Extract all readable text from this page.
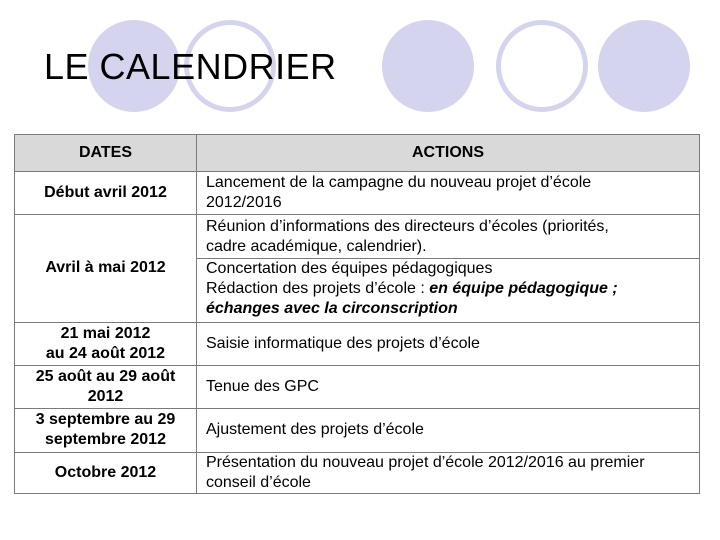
LE CALENDRIER
DATES	ACTIONS
Début avril 2012
Lancement de la campagne du nouveau projet d’école
2012/2016
Avril à mai 2012
Réunion d’informations des directeurs d’écoles (priorités,
cadre académique, calendrier).
Concertation des équipes pédagogiques
Rédaction des projets d’école : en équipe pédagogique ;
échanges avec la circonscription
21 mai 2012
au 24 août 2012
Saisie informatique des projets d’école
25 août au 29 août
2012
Tenue des GPC
3 septembre au 29
septembre 2012
Ajustement des projets d’école
Octobre 2012
Présentation du nouveau projet d’école 2012/2016 au premier
conseil d’école
